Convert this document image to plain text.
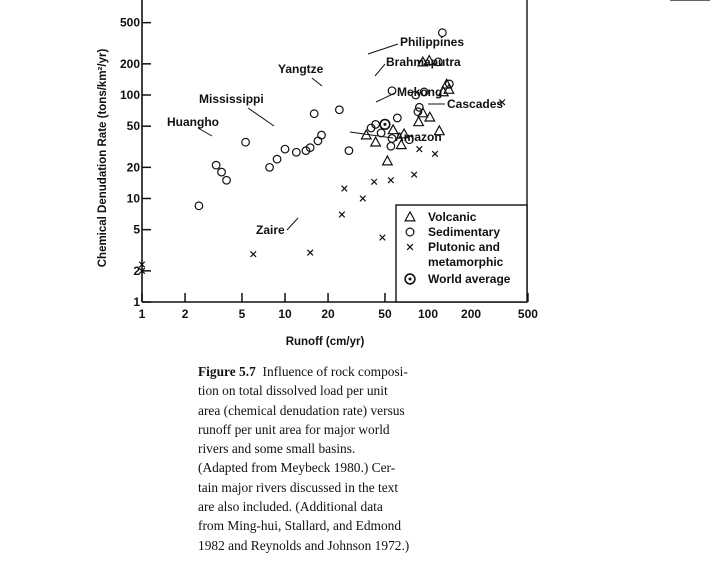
1
2
5
10
20
50
100
200
500
1	2	5	10 20	50 100 200	500
Huangho
Mississippi
Yangtze
Philippines
Brahmaputra
Mekong
Cascades
Amazon
Zaire
Volcanic
Sedimentary
Plutonic and
metamorphic
World average
Chemical Denudation Rate (tons/km²/yr)
Runoff (cm/yr)
Figure 5.7 Influence of rock composi-
tion on total dissolved load per unit
area (chemical denudation rate) versus
runoff per unit area for major world
rivers and some small basins.
(Adapted from Meybeck 1980.) Cer-
tain major rivers discussed in the text
are also included. (Additional data
from Ming-hui, Stallard, and Edmond
1982 and Reynolds and Johnson 1972.)
